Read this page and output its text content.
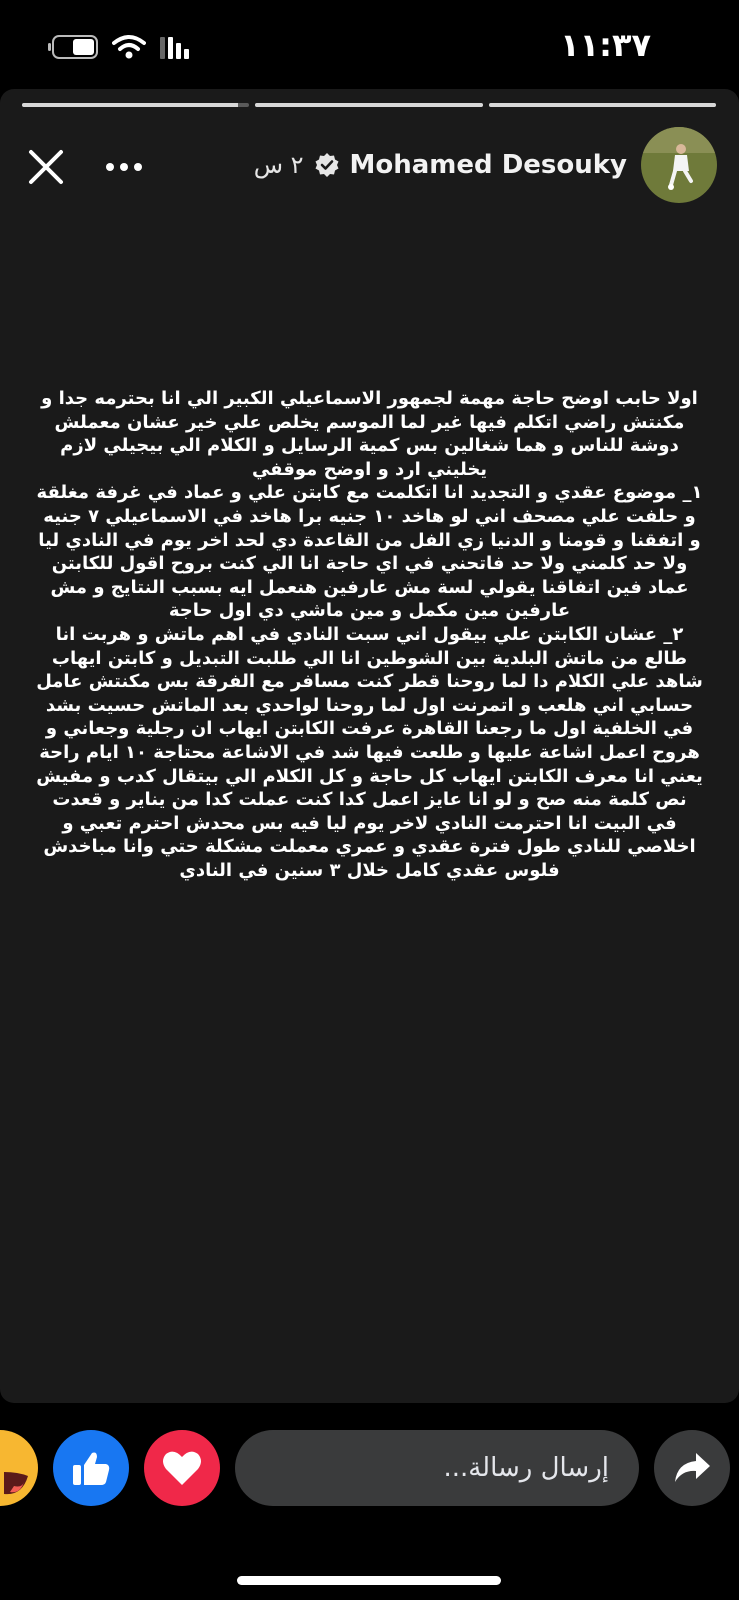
١١:٣٧
٢ س Mohamed Desouky
اولا حابب اوضح حاجة مهمة لجمهور الاسماعيلي الكبير الي انا بحترمه جدا و مكنتش راضي اتكلم فيها غير لما الموسم يخلص علي خير عشان معملش دوشة للناس و هما شغالين بس كمية الرسايل و الكلام الي بيجيلي لازم يخليني ارد و اوضح موقفي
١_ موضوع عقدي و التجديد انا اتكلمت مع كابتن علي و عماد في غرفة مغلقة و حلفت علي مصحف اني لو هاخد ١٠ جنيه برا هاخد في الاسماعيلي ٧ جنيه و اتفقنا و قومنا و الدنيا زي الفل من القاعدة دي لحد اخر يوم في النادي ليا ولا حد كلمني ولا حد فاتحني في اي حاجة انا الي كنت بروح اقول للكابتن عماد فين اتفاقنا يقولي لسة مش عارفين هنعمل ايه بسبب النتايج و مش عارفين مين مكمل و مين ماشي دي اول حاجة
٢_ عشان الكابتن علي بيقول اني سبت النادي في اهم ماتش و هربت انا طالع من ماتش البلدية بين الشوطين انا الي طلبت التبديل و كابتن ايهاب شاهد علي الكلام دا لما روحنا قطر كنت مسافر مع الفرقة بس مكنتش عامل حسابي اني هلعب و اتمرنت اول لما روحنا لواحدي بعد الماتش حسيت بشد في الخلفية اول ما رجعنا القاهرة عرفت الكابتن ايهاب ان رجلية وجعاني و هروح اعمل اشاعة عليها و طلعت فيها شد في الاشاعة محتاجة ١٠ ايام راحة يعني انا معرف الكابتن ايهاب كل حاجة و كل الكلام الي بيتقال كدب و مفيش نص كلمة منه صح و لو انا عايز اعمل كدا كنت عملت كدا من يناير و قعدت في البيت انا احترمت النادي لاخر يوم ليا فيه بس محدش احترم تعبي و اخلاصي للنادي طول فترة عقدي و عمري معملت مشكلة حتي وانا مباخدش فلوس عقدي كامل خلال ٣ سنين في النادي
إرسال رسالة...
